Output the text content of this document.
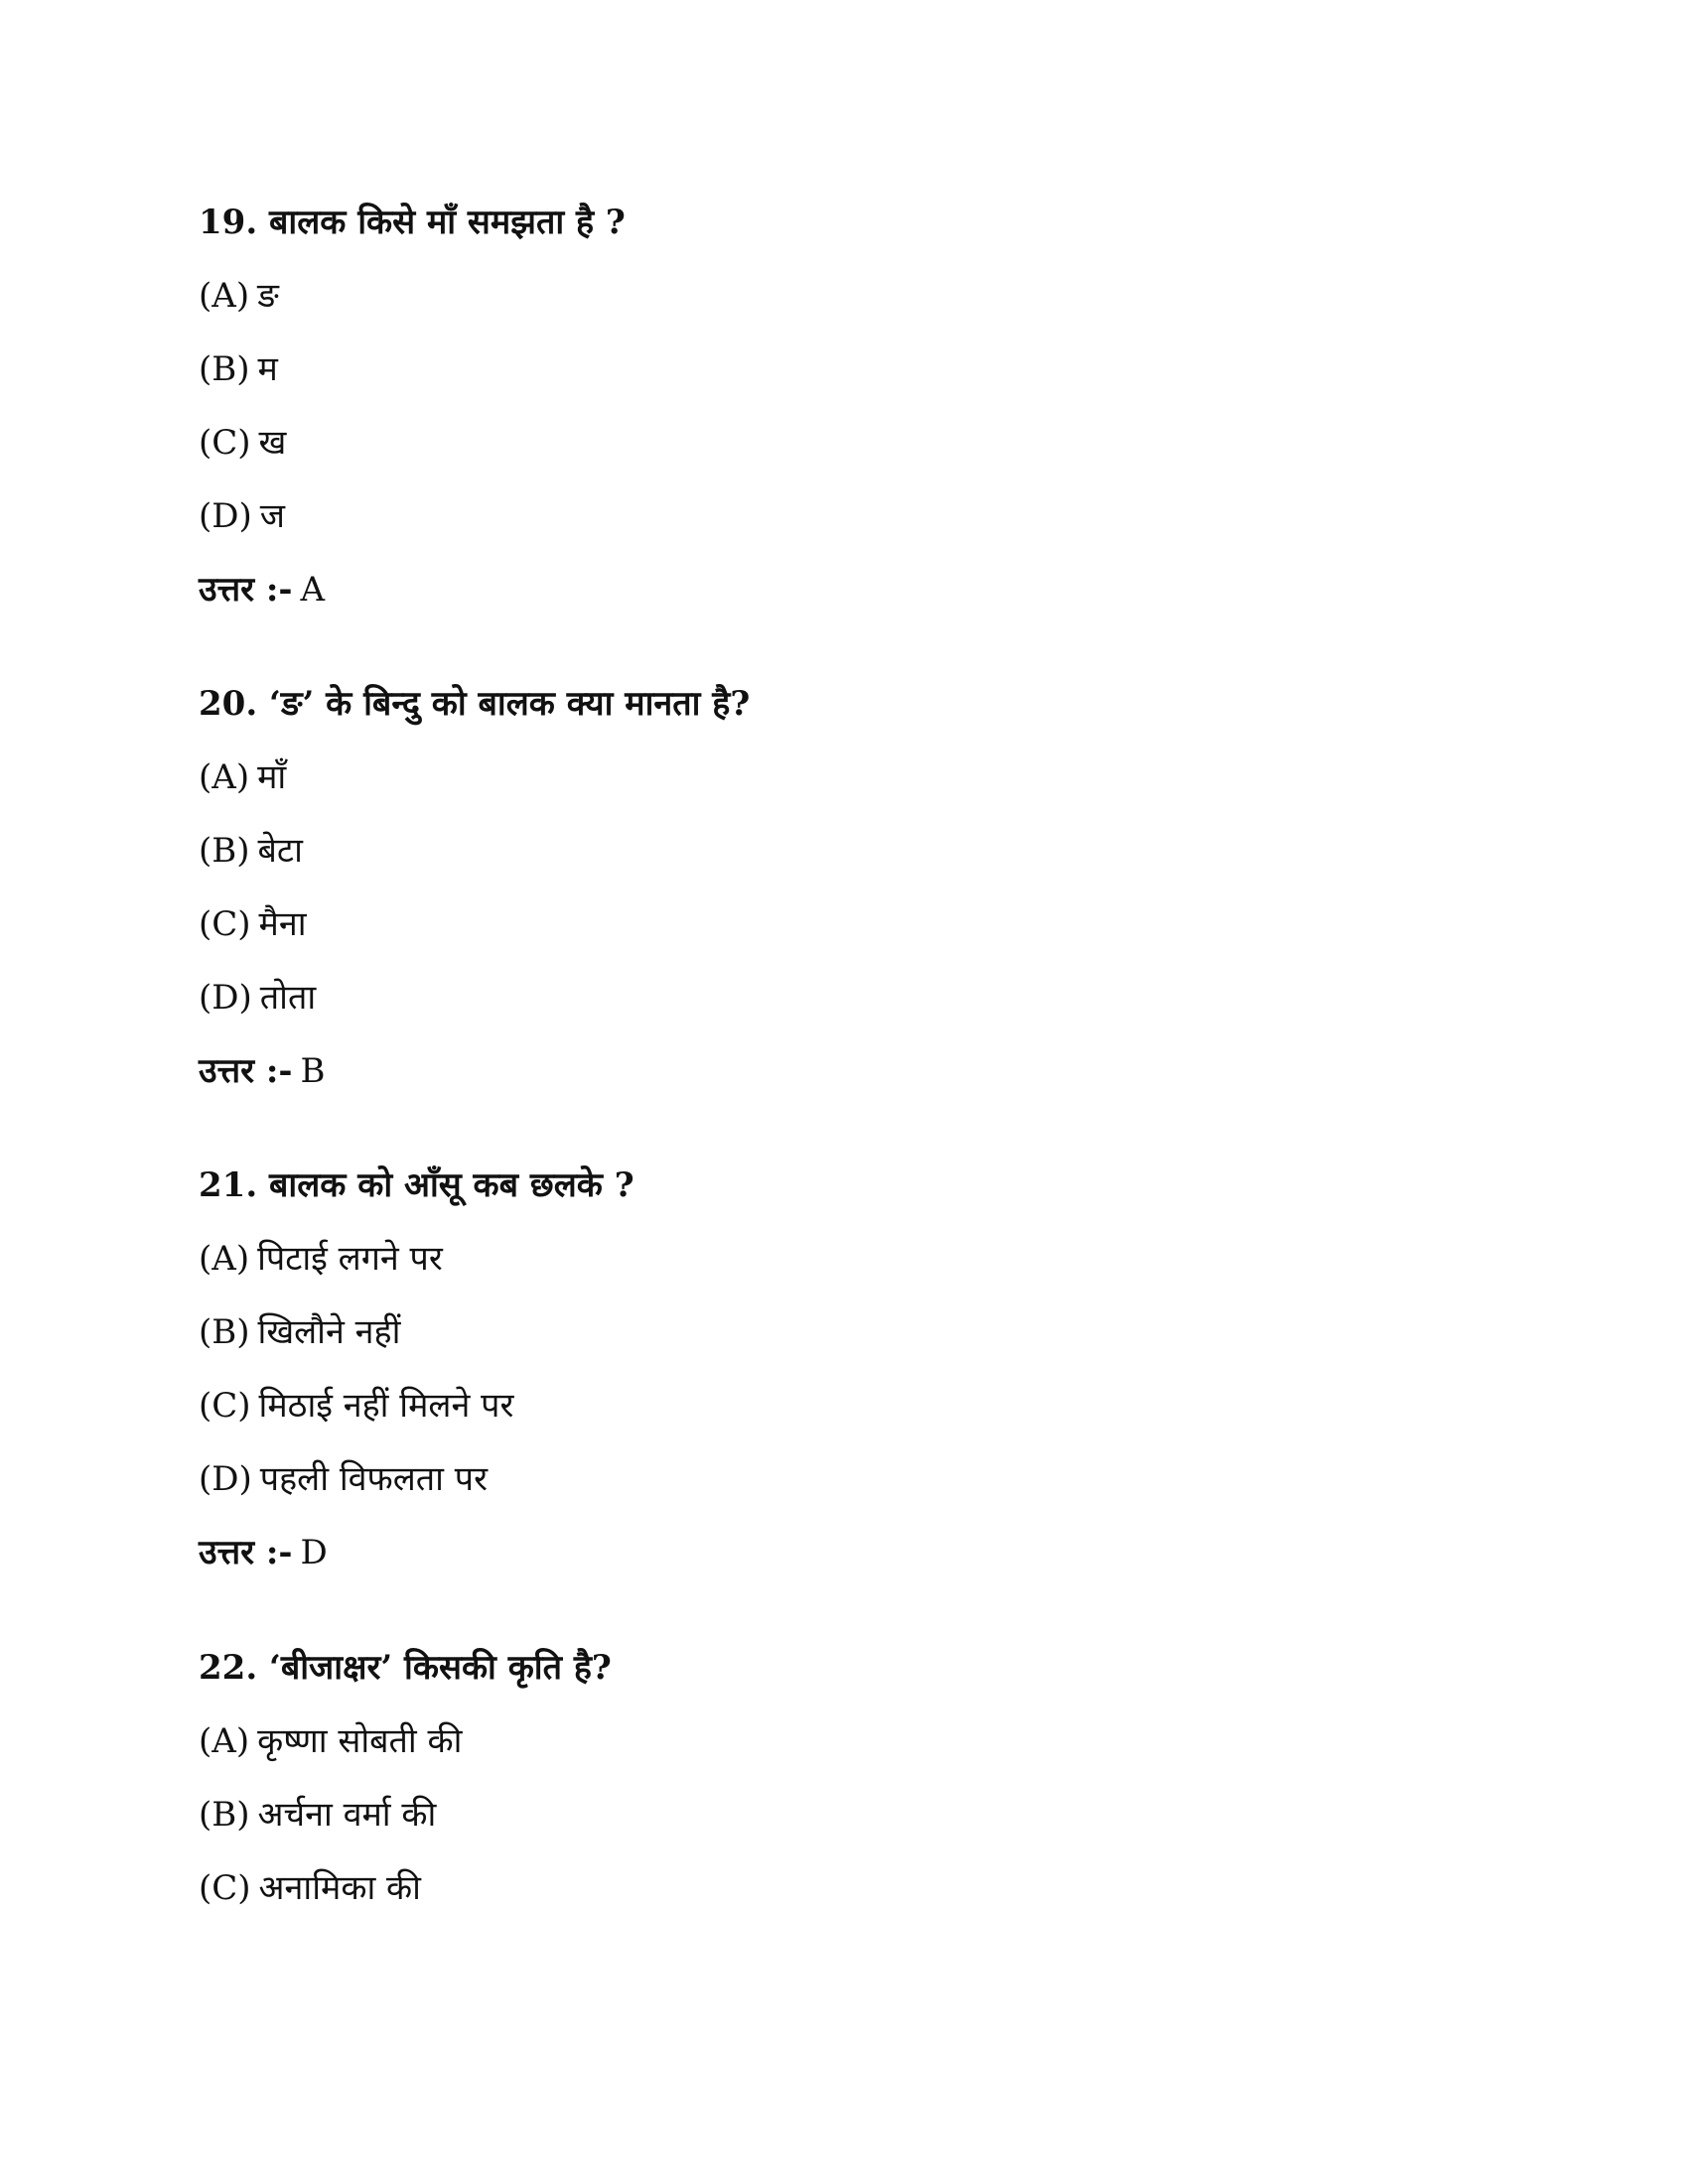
19. बालक किसे माँ समझता है ?
(A) ङ
(B) म
(C) ख
(D) ज
उत्तर :- A
20. ‘ङ’ के बिन्दु को बालक क्या मानता है?
(A) माँ
(B) बेटा
(C) मैना
(D) तोता
उत्तर :- B
21. बालक को आँसू कब छलके ?
(A) पिटाई लगने पर
(B) खिलौने नहीं
(C) मिठाई नहीं मिलने पर
(D) पहली विफलता पर
उत्तर :- D
22. ‘बीजाक्षर’ किसकी कृति है?
(A) कृष्णा सोबती की
(B) अर्चना वर्मा की
(C) अनामिका की
